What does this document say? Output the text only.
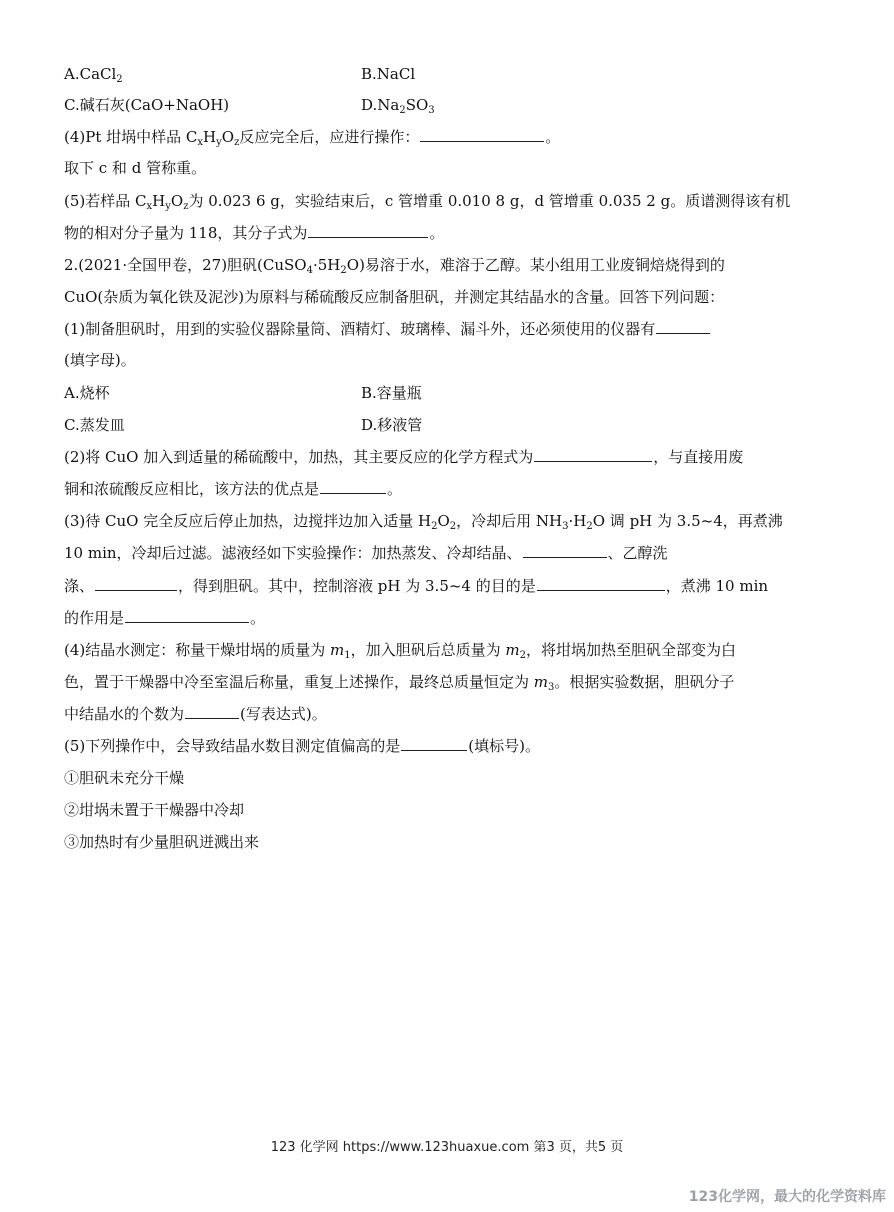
A.CaCl$_2$	B.NaCl
C.碱石灰(CaO+NaOH)	$D.Na_2SO_3$
(4)Pt 坩埚中样品 $C_xH_yO_z$反应完全后，应进行操作：	。
取下 c 和 d 管称重。
(5)若样品 $C_xH_yO_z$为 0.023 6 g，实验结束后，c 管增重 0.010 8 g，d 管增重 0.035 2 g。质谱测得该有机
物的相对分子量为 118，其分子式为	。
2.(2021·全国甲卷，27)胆矾$(CuSO_4\cdot 5H_2O)$易溶于水，难溶于乙醇。某小组用工业废铜焙烧得到的
CuO(杂质为氧化铁及泥沙)为原料与稀硫酸反应制备胆矾，并测定其结晶水的含量。回答下列问题：
(1)制备胆矾时，用到的实验仪器除量筒、酒精灯、玻璃棒、漏斗外，还必须使用的仪器有
(填字母)。
A.烧杯	B.容量瓶
C.蒸发皿	D.移液管
(2)将 CuO 加入到适量的稀硫酸中，加热，其主要反应的化学方程式为	，与直接用废
铜和浓硫酸反应相比，该方法的优点是	。
(3)待 CuO 完全反应后停止加热，边搅拌边加入适量 $H_2O_2$，冷却后用 $NH_3\cdot H_2O$ 调 pH 为 3.5~4，再煮沸
10 min，冷却后过滤。滤液经如下实验操作：加热蒸发、冷却结晶、	、乙醇洗
涤、	，得到胆矾。其中，控制溶液 pH 为 3.5~4 的目的是	，煮沸 10 min
的作用是	。
(4)结晶水测定：称量干燥坩埚的质量为 $m_1$，加入胆矾后总质量为 $m_2$，将坩埚加热至胆矾全部变为白
色，置于干燥器中冷至室温后称量，重复上述操作，最终总质量恒定为 $m_3$。根据实验数据，胆矾分子
中结晶水的个数为	(写表达式)。
(5)下列操作中，会导致结晶水数目测定值偏高的是	(填标号)。
①胆矾未充分干燥
②坩埚未置于干燥器中冷却
③加热时有少量胆矾迸溅出来
123 化学网 https://www.123huaxue.com 第3 页，共5 页
123化学网，最大的化学资料库
